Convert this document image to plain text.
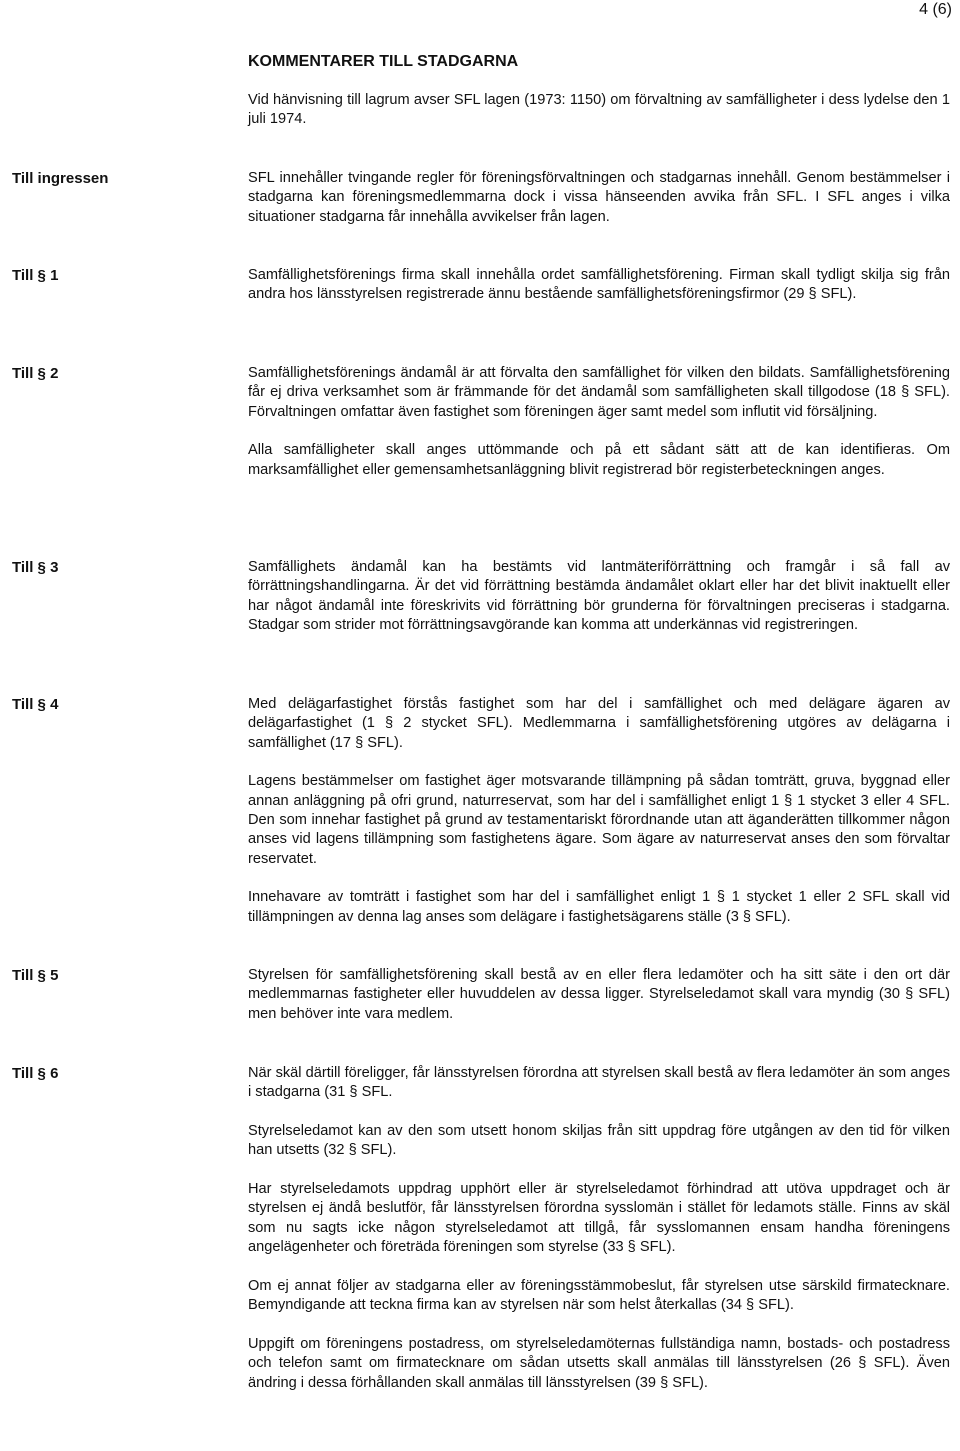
4 (6)
KOMMENTARER TILL STADGARNA

Vid hänvisning till lagrum avser SFL lagen (1973: 1150) om förvaltning av samfälligheter i dess lydelse den 1 juli 1974.

Till ingressen	SFL innehåller tvingande regler för föreningsförvaltningen och stadgarnas innehåll. Genom bestämmelser i stadgarna kan föreningsmedlemmarna dock i vissa hänseenden avvika från SFL. I SFL anges i vilka situationer stadgarna får innehålla avvikelser från lagen.

Till § 1	Samfällighetsförenings firma skall innehålla ordet samfällighetsförening. Firman skall tydligt skilja sig från andra hos länsstyrelsen registrerade ännu bestående samfällighetsföreningsfirmor (29 § SFL).

Till § 2	Samfällighetsförenings ändamål är att förvalta den samfällighet för vilken den bildats. Samfällighetsförening får ej driva verksamhet som är främmande för det ändamål som samfälligheten skall tillgodose (18 § SFL). Förvaltningen omfattar även fastighet som föreningen äger samt medel som influtit vid försäljning.

Alla samfälligheter skall anges uttömmande och på ett sådant sätt att de kan identifieras. Om marksamfällighet eller gemensamhetsanläggning blivit registrerad bör registerbeteckningen anges.

Till § 3	Samfällighets ändamål kan ha bestämts vid lantmäteriförrättning och framgår i så fall av förrättningshandlingarna. Är det vid förrättning bestämda ändamålet oklart eller har det blivit inaktuellt eller har något ändamål inte föreskrivits vid förrättning bör grunderna för förvaltningen preciseras i stadgarna. Stadgar som strider mot förrättningsavgörande kan komma att underkännas vid registreringen.

Till § 4	Med delägarfastighet förstås fastighet som har del i samfällighet och med delägare ägaren av delägarfastighet (1 § 2 stycket SFL). Medlemmarna i samfällighetsförening utgöres av delägarna i samfällighet (17 § SFL).

Lagens bestämmelser om fastighet äger motsvarande tillämpning på sådan tomträtt, gruva, byggnad eller annan anläggning på ofri grund, naturreservat, som har del i samfällighet enligt 1 § 1 stycket 3 eller 4 SFL. Den som innehar fastighet på grund av testamentariskt förordnande utan att äganderätten tillkommer någon anses vid lagens tillämpning som fastighetens ägare. Som ägare av naturreservat anses den som förvaltar reservatet.

Innehavare av tomträtt i fastighet som har del i samfällighet enligt 1 § 1 stycket 1 eller 2 SFL skall vid tillämpningen av denna lag anses som delägare i fastighetsägarens ställe (3 § SFL).

Till § 5	Styrelsen för samfällighetsförening skall bestå av en eller flera ledamöter och ha sitt säte i den ort där medlemmarnas fastigheter eller huvuddelen av dessa ligger. Styrelseledamot skall vara myndig (30 § SFL) men behöver inte vara medlem.

Till § 6	När skäl därtill föreligger, får länsstyrelsen förordna att styrelsen skall bestå av flera ledamöter än som anges i stadgarna (31 § SFL.

Styrelseledamot kan av den som utsett honom skiljas från sitt uppdrag före utgången av den tid för vilken han utsetts (32 § SFL).

Har styrelseledamots uppdrag upphört eller är styrelseledamot förhindrad att utöva uppdraget och är styrelsen ej ändå beslutför, får länsstyrelsen förordna sysslomän i stället för ledamots ställe. Finns av skäl som nu sagts icke någon styrelseledamot att tillgå, får sysslomannen ensam handha föreningens angelägenheter och företräda föreningen som styrelse (33 § SFL).

Om ej annat följer av stadgarna eller av föreningsstämmobeslut, får styrelsen utse särskild firmatecknare. Bemyndigande att teckna firma kan av styrelsen när som helst återkallas (34 § SFL).

Uppgift om föreningens postadress, om styrelseledamöternas fullständiga namn, bostads- och postadress och telefon samt om firmatecknare om sådan utsetts skall anmälas till länsstyrelsen (26 § SFL). Även ändring i dessa förhållanden skall anmälas till länsstyrelsen (39 § SFL).
